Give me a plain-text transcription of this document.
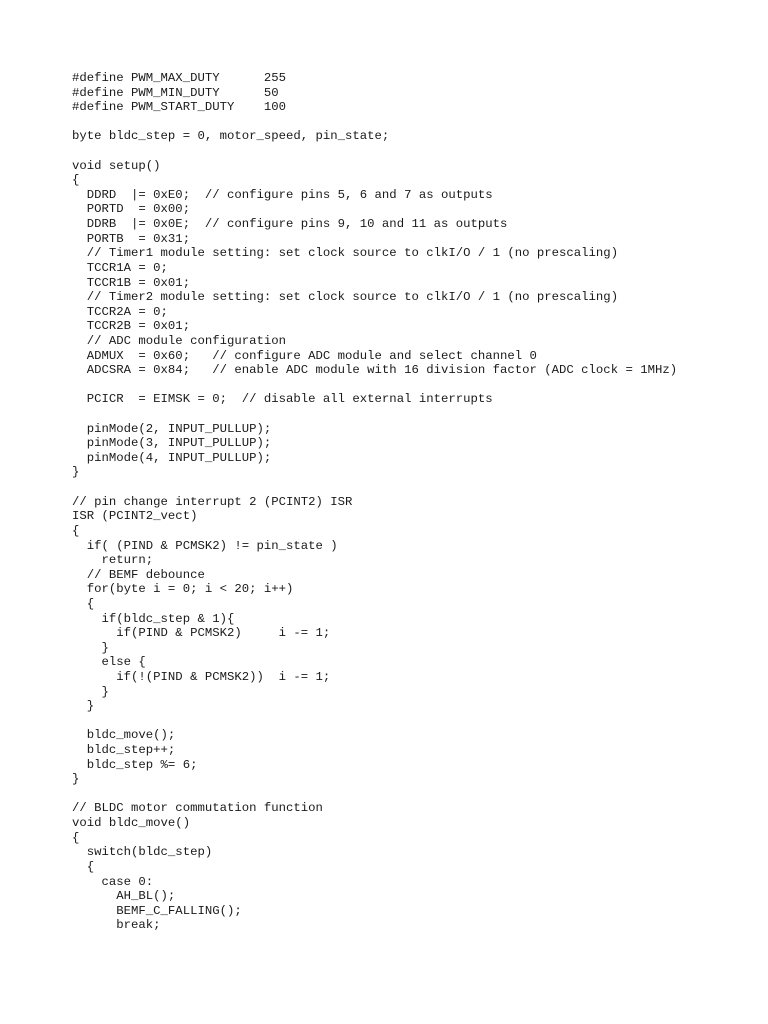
#define PWM_MAX_DUTY      255
#define PWM_MIN_DUTY      50
#define PWM_START_DUTY    100
byte bldc_step = 0, motor_speed, pin_state;
void setup()
{
DDRD  |= 0xE0;  // configure pins 5, 6 and 7 as outputs
PORTD  = 0x00;
DDRB  |= 0x0E;  // configure pins 9, 10 and 11 as outputs
PORTB  = 0x31;
// Timer1 module setting: set clock source to clkI/O / 1 (no prescaling)
TCCR1A = 0;
TCCR1B = 0x01;
// Timer2 module setting: set clock source to clkI/O / 1 (no prescaling)
TCCR2A = 0;
TCCR2B = 0x01;
// ADC module configuration
ADMUX  = 0x60;   // configure ADC module and select channel 0
ADCSRA = 0x84;   // enable ADC module with 16 division factor (ADC clock = 1MHz)
PCICR  = EIMSK = 0;  // disable all external interrupts
pinMode(2, INPUT_PULLUP);
pinMode(3, INPUT_PULLUP);
pinMode(4, INPUT_PULLUP);
}
// pin change interrupt 2 (PCINT2) ISR
ISR (PCINT2_vect)
{
if( (PIND & PCMSK2) != pin_state )
return;
// BEMF debounce
for(byte i = 0; i < 20; i++)
{
if(bldc_step & 1){
if(PIND & PCMSK2)     i -= 1;
}
else {
if(!(PIND & PCMSK2))  i -= 1;
}
}
bldc_move();
bldc_step++;
bldc_step %= 6;
}
// BLDC motor commutation function
void bldc_move()
{
switch(bldc_step)
{
case 0:
AH_BL();
BEMF_C_FALLING();
break;
